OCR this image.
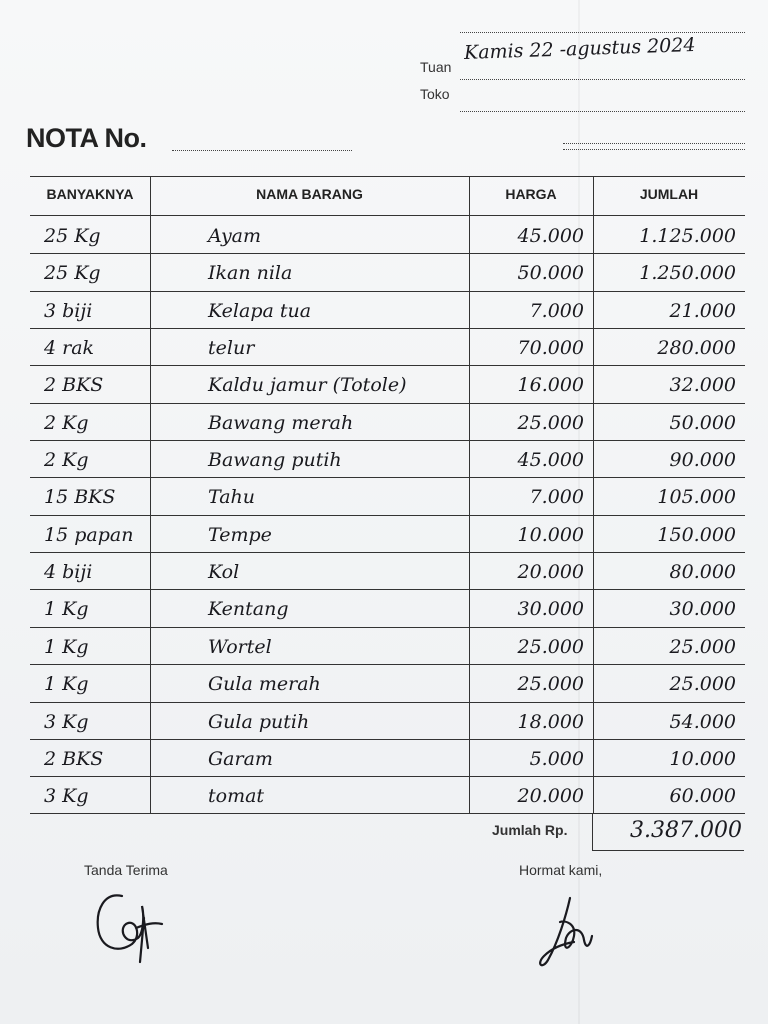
Kamis 22 -agustus 2024
Tuan
Toko
NOTA No.
BANYAKNYA	NAMA BARANG	HARGA	JUMLAH
25 Kg	Ayam	45.000	1.125.000
25 Kg	Ikan nila	50.000	1.250.000
3 biji	Kelapa tua	7.000	21.000
4 rak	telur	70.000	280.000
2 BKS	Kaldu jamur (Totole)	16.000	32.000
2 Kg	Bawang merah	25.000	50.000
2 Kg	Bawang putih	45.000	90.000
15 BKS	Tahu	7.000	105.000
15 papan	Tempe	10.000	150.000
4 biji	Kol	20.000	80.000
1 Kg	Kentang	30.000	30.000
1 Kg	Wortel	25.000	25.000
1 Kg	Gula merah	25.000	25.000
3 Kg	Gula putih	18.000	54.000
2 BKS	Garam	5.000	10.000
3 Kg	tomat	20.000	60.000
Jumlah Rp.	3.387.000
Tanda Terima	Hormat kami,
